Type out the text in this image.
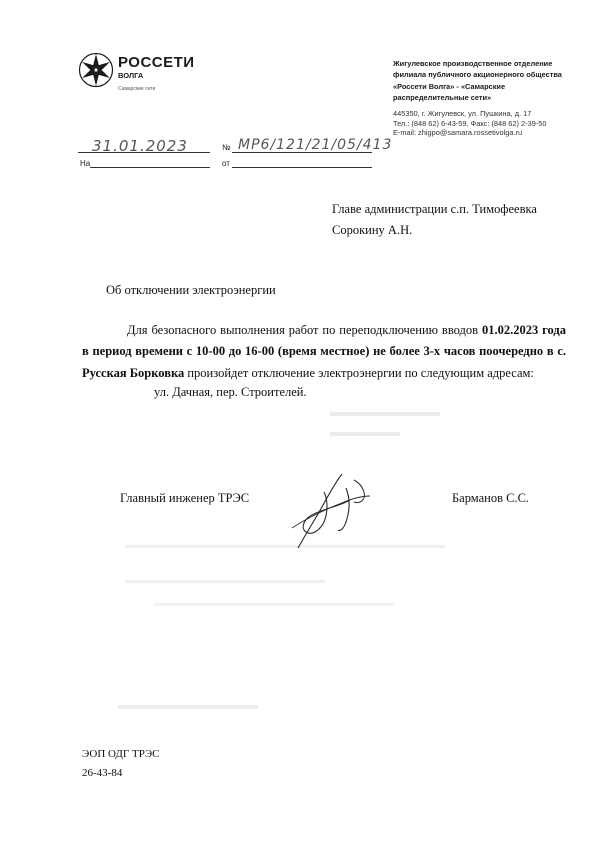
РОССЕТИ
ВОЛГА
Самарские сети
Жигулевское производственное отделение
филиала публичного акционерного общества
«Россети Волга» - «Самарские
распределительные сети»
445350, г. Жигулевск, ул. Пушкина, д. 17
Тел.: (848 62) 6-43-59, Факс: (848 62) 2-39-50
E-mail: zhigpo@samara.rossetivolga.ru
31.01.2023	№ МР6/121/21/05/413
На	от
Главе администрации с.п. Тимофеевка
Сорокину А.Н.
Об отключении электроэнергии
Для безопасного выполнения работ по переподключению вводов 01.02.2023 года в период времени с 10-00 до 16-00 (время местное) не более 3-х часов поочередно в с. Русская Борковка произойдет отключение электроэнергии по следующим адресам:
ул. Дачная, пер. Строителей.
Главный инженер ТРЭС	Барманов С.С.
ЭОП ОДГ ТРЭС
26-43-84
